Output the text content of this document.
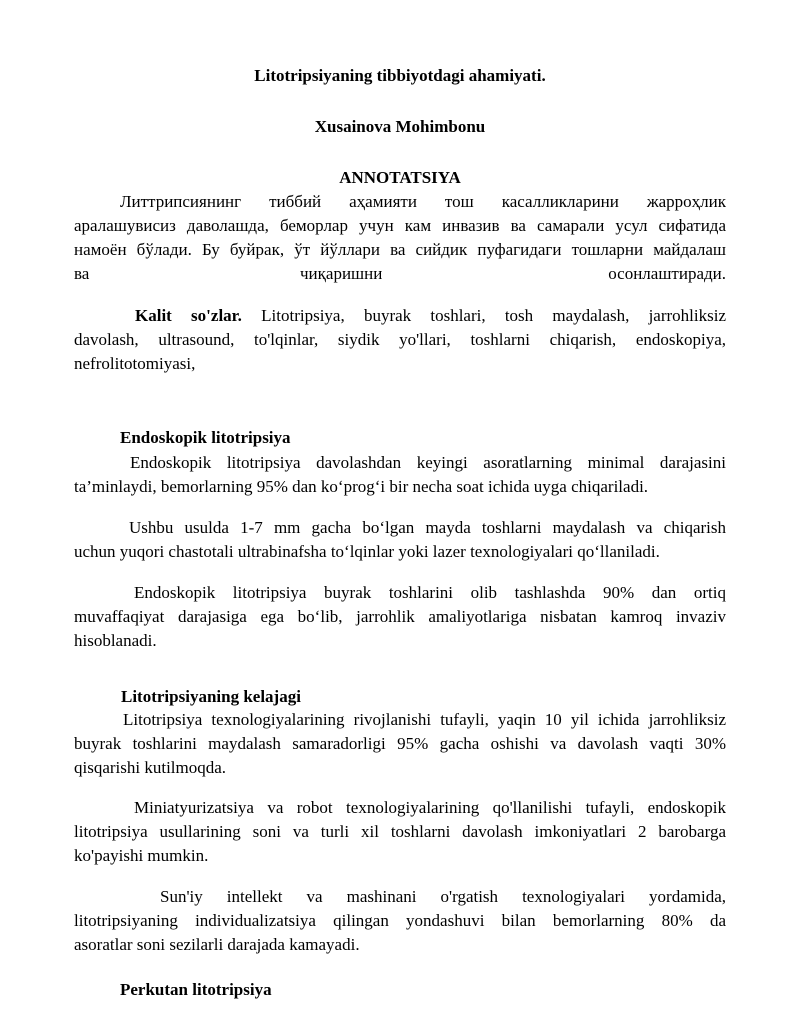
Litotripsiyaning tibbiyotdagi ahamiyati.
Xusainova Mohimbonu
ANNOTATSIYA
Литтрипсиянинг тиббий аҳамияти тош касалликларини жарроҳлик
аралашувисиз даволашда, беморлар учун кам инвазив ва самарали усул сифатида
намоён бўлади. Бу буйрак, ўт йўллари ва сийдик пуфагидаги тошларни майдалаш
ва	чиқаришни	осонлаштиради.
Kalit so'zlar. Litotripsiya, buyrak toshlari, tosh maydalash, jarrohliksiz
davolash, ultrasound, to'lqinlar, siydik yo'llari, toshlarni chiqarish, endoskopiya,
nefrolitotomiyasi,
Endoskopik litotripsiya
Endoskopik litotripsiya davolashdan keyingi asoratlarning minimal darajasini
ta’minlaydi, bemorlarning 95% dan koʻprogʻi bir necha soat ichida uyga chiqariladi.
Ushbu usulda 1-7 mm gacha boʻlgan mayda toshlarni maydalash va chiqarish
uchun yuqori chastotali ultrabinafsha toʻlqinlar yoki lazer texnologiyalari qoʻllaniladi.
Endoskopik litotripsiya buyrak toshlarini olib tashlashda 90% dan ortiq
muvaffaqiyat darajasiga ega boʻlib, jarrohlik amaliyotlariga nisbatan kamroq invaziv
hisoblanadi.
Litotripsiyaning kelajagi
Litotripsiya texnologiyalarining rivojlanishi tufayli, yaqin 10 yil ichida jarrohliksiz
buyrak toshlarini maydalash samaradorligi 95% gacha oshishi va davolash vaqti 30%
qisqarishi kutilmoqda.
Miniatyurizatsiya va robot texnologiyalarining qo'llanilishi tufayli, endoskopik
litotripsiya usullarining soni va turli xil toshlarni davolash imkoniyatlari 2 barobarga
ko'payishi mumkin.
Sun'iy intellekt va mashinani o'rgatish texnologiyalari yordamida,
litotripsiyaning individualizatsiya qilingan yondashuvi bilan bemorlarning 80% da
asoratlar soni sezilarli darajada kamayadi.
Perkutan litotripsiya
